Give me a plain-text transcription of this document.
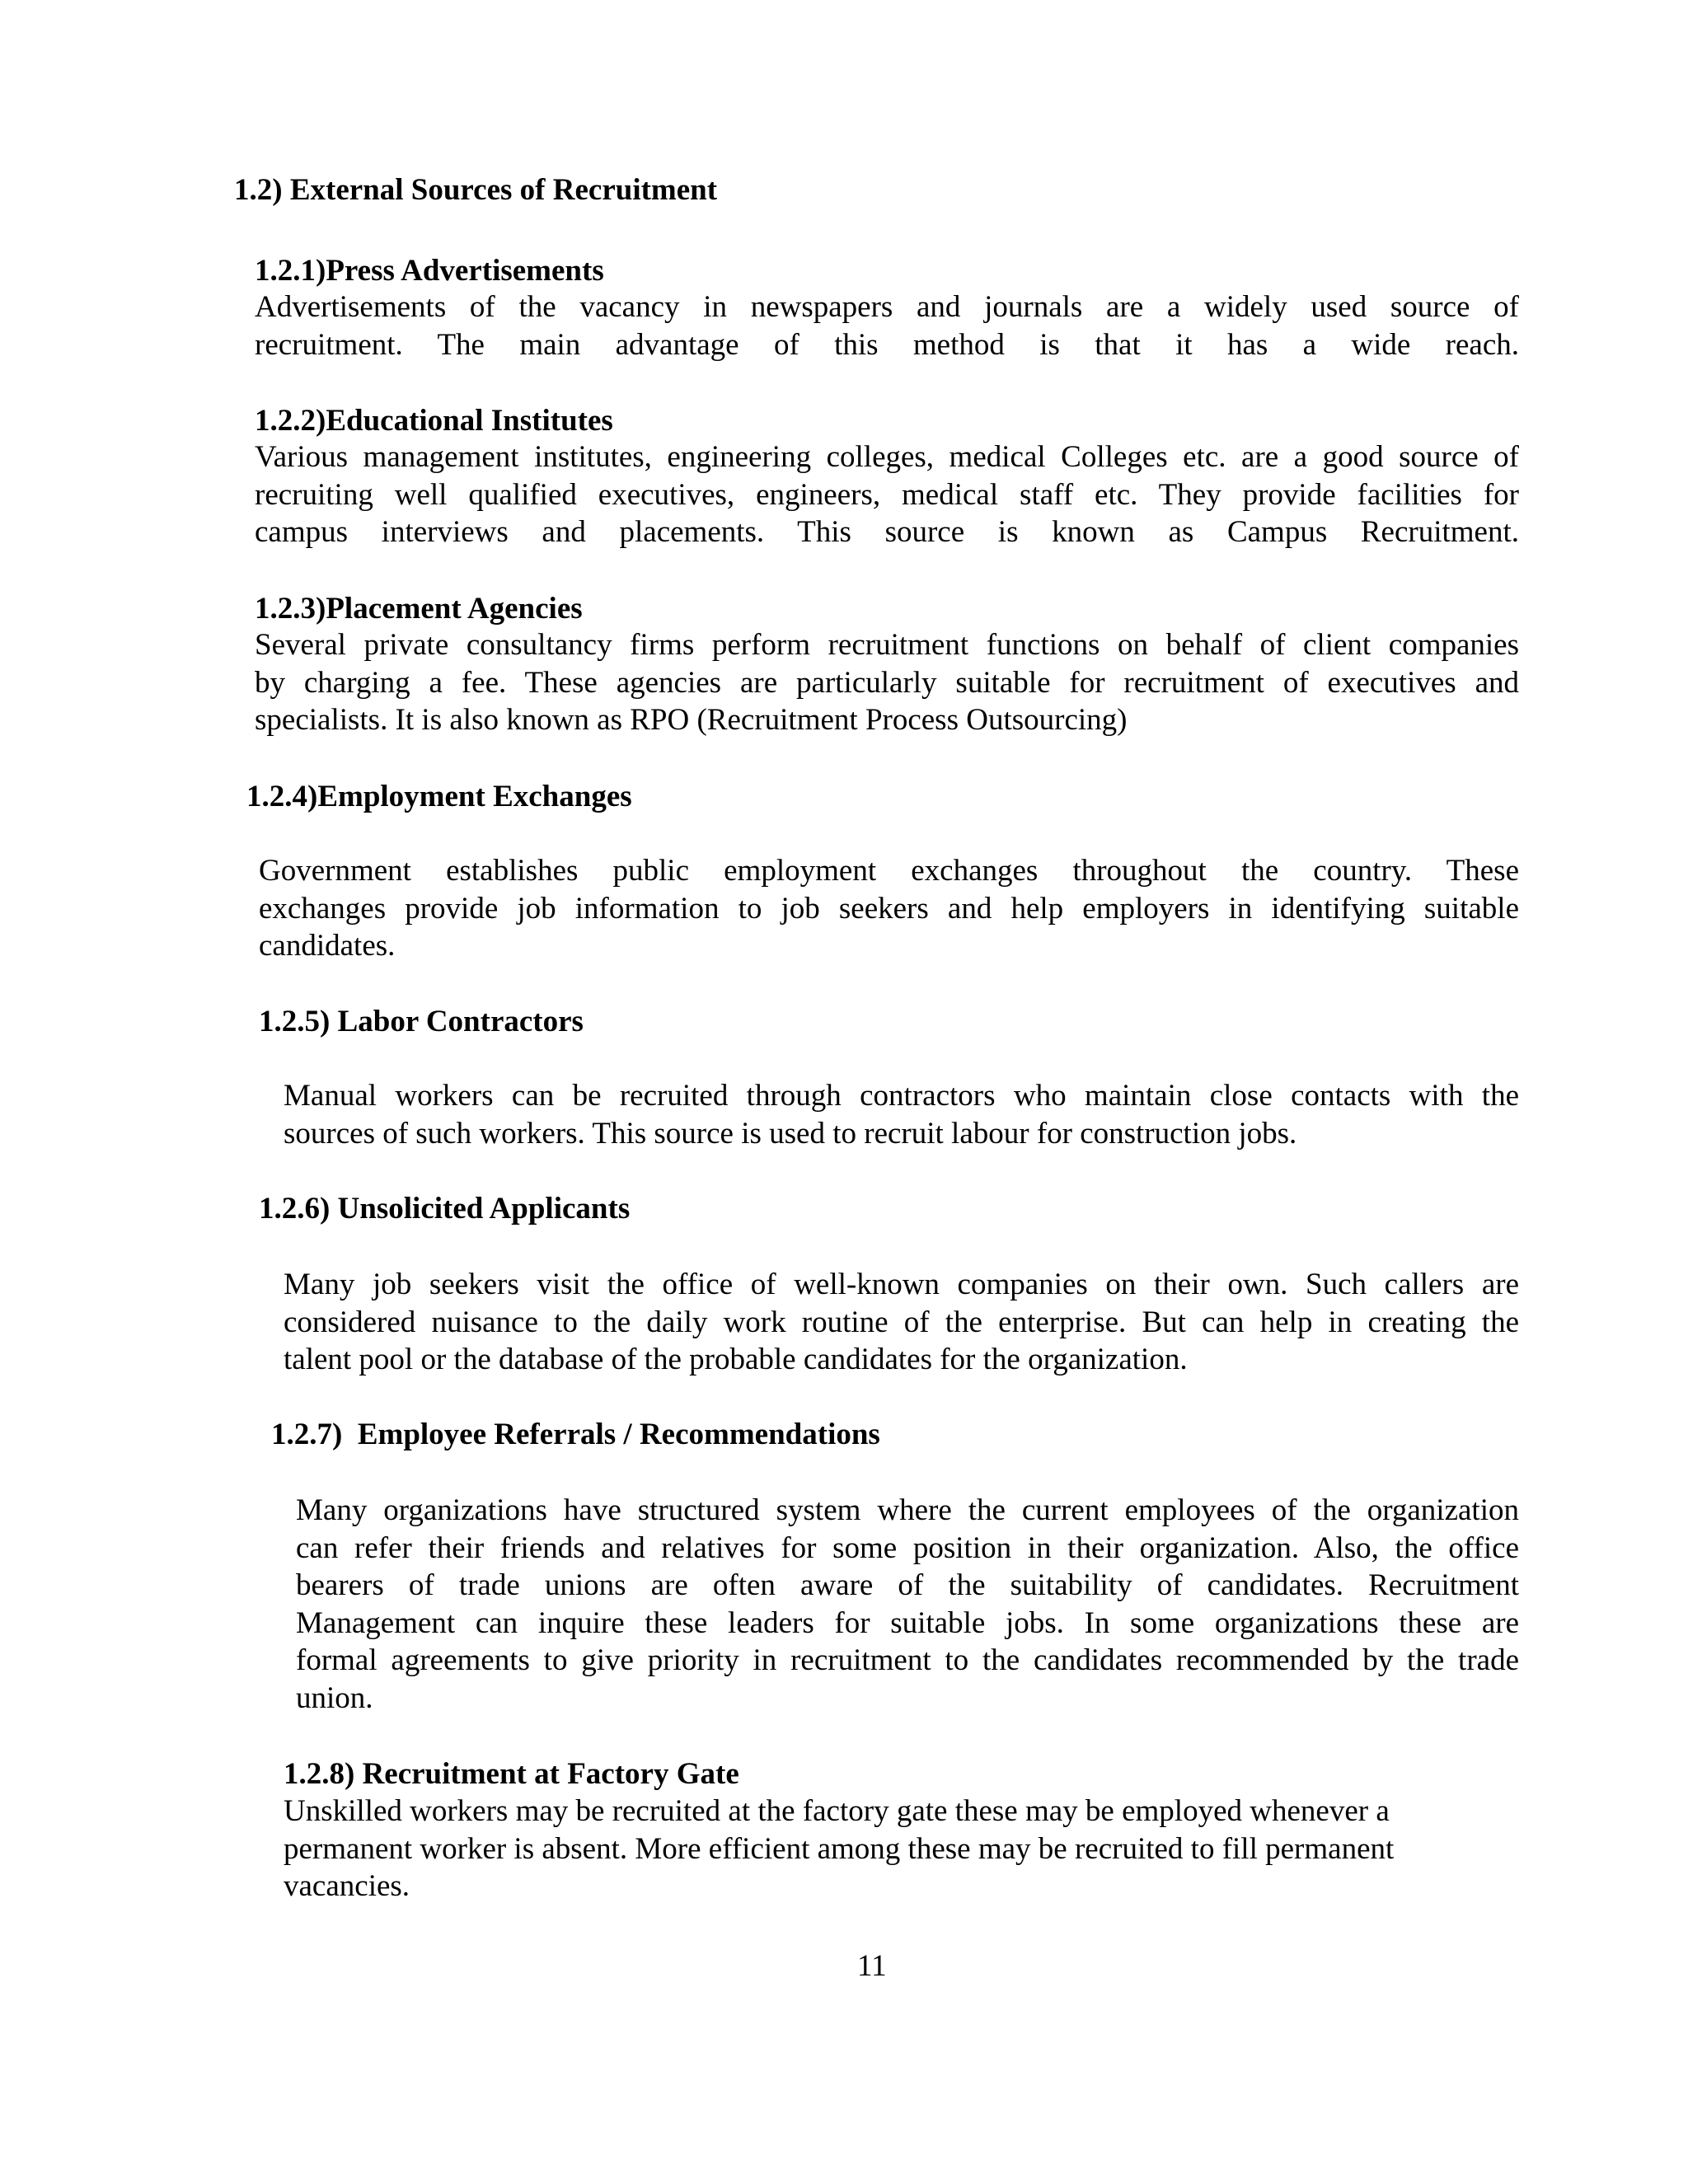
1.2) External Sources of Recruitment
1.2.1)Press Advertisements
Advertisements of the vacancy in newspapers and journals are a widely used source of
recruitment. The main advantage of this method is that it has a wide reach.
1.2.2)Educational Institutes
Various management institutes, engineering colleges, medical Colleges etc. are a good source of
recruiting well qualified executives, engineers, medical staff etc. They provide facilities for
campus interviews and placements. This source is known as Campus Recruitment.
1.2.3)Placement Agencies
Several private consultancy firms perform recruitment functions on behalf of client companies
by charging a fee. These agencies are particularly suitable for recruitment of executives and
specialists. It is also known as RPO (Recruitment Process Outsourcing)
1.2.4)Employment Exchanges
Government establishes public employment exchanges throughout the country. These
exchanges provide job information to job seekers and help employers in identifying suitable
candidates.
1.2.5) Labor Contractors
Manual workers can be recruited through contractors who maintain close contacts with the
sources of such workers. This source is used to recruit labour for construction jobs.
1.2.6) Unsolicited Applicants
Many job seekers visit the office of well-known companies on their own. Such callers are
considered nuisance to the daily work routine of the enterprise. But can help in creating the
talent pool or the database of the probable candidates for the organization.
1.2.7)  Employee Referrals / Recommendations
Many organizations have structured system where the current employees of the organization
can refer their friends and relatives for some position in their organization. Also, the office
bearers of trade unions are often aware of the suitability of candidates. Recruitment
Management can inquire these leaders for suitable jobs. In some organizations these are
formal agreements to give priority in recruitment to the candidates recommended by the trade
union.
1.2.8) Recruitment at Factory Gate
Unskilled workers may be recruited at the factory gate these may be employed whenever a
permanent worker is absent. More efficient among these may be recruited to fill permanent
vacancies.
11
